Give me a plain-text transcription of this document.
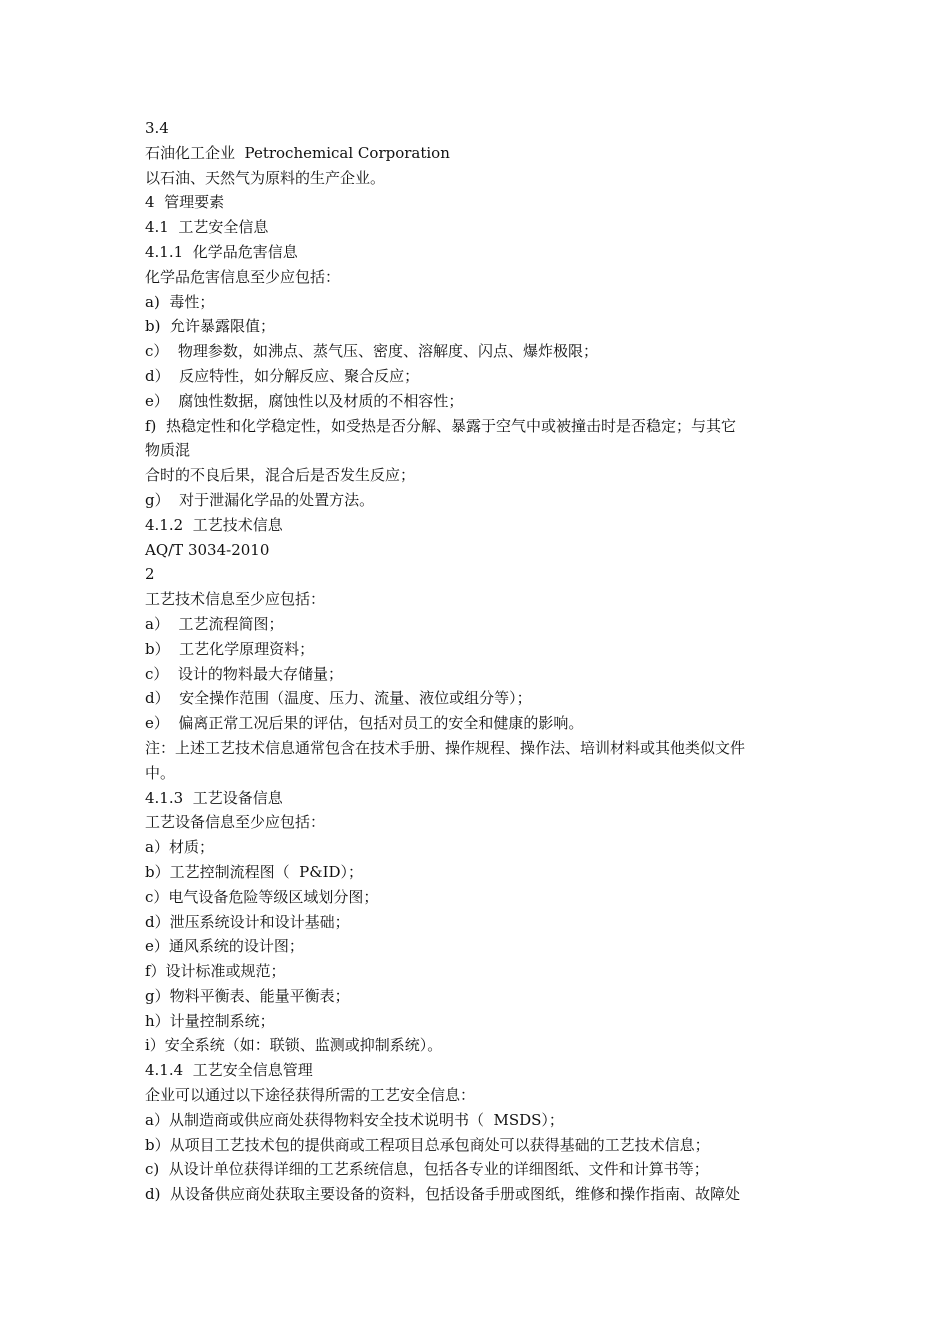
3.4
石油化工企业  Petrochemical Corporation
以石油、天然气为原料的生产企业。
4  管理要素
4.1  工艺安全信息
4.1.1  化学品危害信息
化学品危害信息至少应包括：
a)  毒性；
b)  允许暴露限值；
c）  物理参数，如沸点、蒸气压、密度、溶解度、闪点、爆炸极限；
d）  反应特性，如分解反应、聚合反应；
e）  腐蚀性数据，腐蚀性以及材质的不相容性；
f)  热稳定性和化学稳定性，如受热是否分解、暴露于空气中或被撞击时是否稳定；与其它
物质混
合时的不良后果，混合后是否发生反应；
g）  对于泄漏化学品的处置方法。
4.1.2  工艺技术信息
AQ/T 3034-2010
2
工艺技术信息至少应包括：
a）  工艺流程简图；
b）  工艺化学原理资料；
c）  设计的物料最大存储量；
d）  安全操作范围（温度、压力、流量、液位或组分等）；
e）  偏离正常工况后果的评估，包括对员工的安全和健康的影响。
注：上述工艺技术信息通常包含在技术手册、操作规程、操作法、培训材料或其他类似文件
中。
4.1.3  工艺设备信息
工艺设备信息至少应包括：
a）材质；
b）工艺控制流程图（  P&ID）；
c）电气设备危险等级区域划分图；
d）泄压系统设计和设计基础；
e）通风系统的设计图；
f）设计标准或规范；
g）物料平衡表、能量平衡表；
h）计量控制系统；
i）安全系统（如：联锁、监测或抑制系统）。
4.1.4  工艺安全信息管理
企业可以通过以下途径获得所需的工艺安全信息：
a）从制造商或供应商处获得物料安全技术说明书（  MSDS）；
b）从项目工艺技术包的提供商或工程项目总承包商处可以获得基础的工艺技术信息；
c)  从设计单位获得详细的工艺系统信息，包括各专业的详细图纸、文件和计算书等；
d)  从设备供应商处获取主要设备的资料，包括设备手册或图纸，维修和操作指南、故障处
